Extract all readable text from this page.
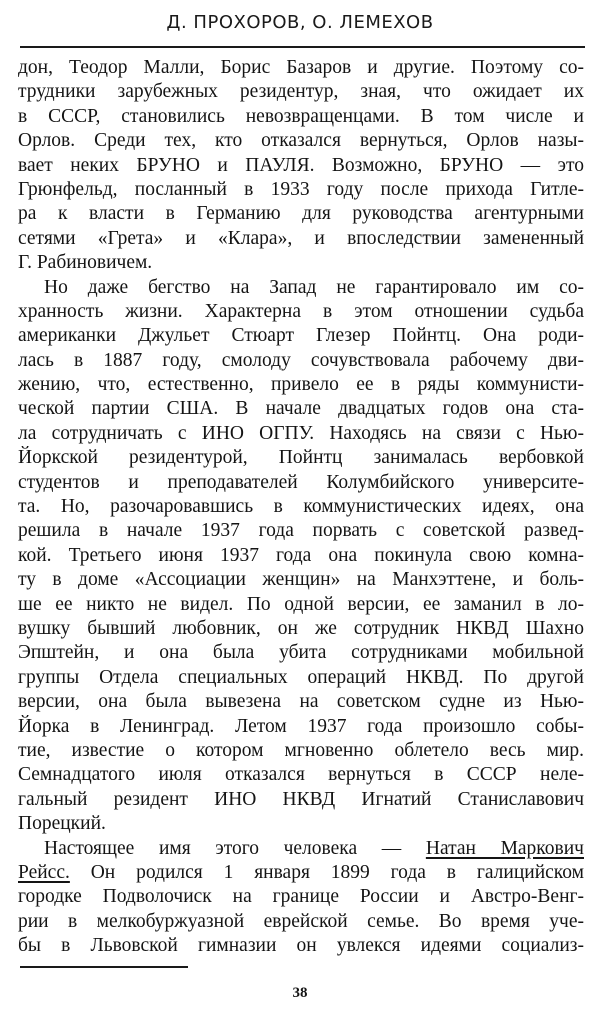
Д. ПРОХОРОВ, О. ЛЕМЕХОВ
дон, Теодор Малли, Борис Базаров и другие. Поэтому со-
трудники зарубежных резидентур, зная, что ожидает их
в СССР, становились невозвращенцами. В том числе и
Орлов. Среди тех, кто отказался вернуться, Орлов назы-
вает неких БРУНО и ПАУЛЯ. Возможно, БРУНО — это
Грюнфельд, посланный в 1933 году после прихода Гитле-
ра к власти в Германию для руководства агентурными
сетями «Грета» и «Клара», и впоследствии замененный
Г. Рабиновичем.
Но даже бегство на Запад не гарантировало им со-
хранность жизни. Характерна в этом отношении судьба
американки Джульет Стюарт Глезер Пойнтц. Она роди-
лась в 1887 году, смолоду сочувствовала рабочему дви-
жению, что, естественно, привело ее в ряды коммунисти-
ческой партии США. В начале двадцатых годов она ста-
ла сотрудничать с ИНО ОГПУ. Находясь на связи с Нью-
Йоркской резидентурой, Пойнтц занималась вербовкой
студентов и преподавателей Колумбийского университе-
та. Но, разочаровавшись в коммунистических идеях, она
решила в начале 1937 года порвать с советской развед-
кой. Третьего июня 1937 года она покинула свою комна-
ту в доме «Ассоциации женщин» на Манхэттене, и боль-
ше ее никто не видел. По одной версии, ее заманил в ло-
вушку бывший любовник, он же сотрудник НКВД Шахно
Эпштейн, и она была убита сотрудниками мобильной
группы Отдела специальных операций НКВД. По другой
версии, она была вывезена на советском судне из Нью-
Йорка в Ленинград. Летом 1937 года произошло собы-
тие, известие о котором мгновенно облетело весь мир.
Семнадцатого июля отказался вернуться в СССР неле-
гальный резидент ИНО НКВД Игнатий Станиславович
Порецкий.
Настоящее имя этого человека — Натан Маркович
Рейсс. Он родился 1 января 1899 года в галицийском
городке Подволочиск на границе России и Австро-Венг-
рии в мелкобуржуазной еврейской семье. Во время уче-
бы в Львовской гимназии он увлекся идеями социализ-
38
